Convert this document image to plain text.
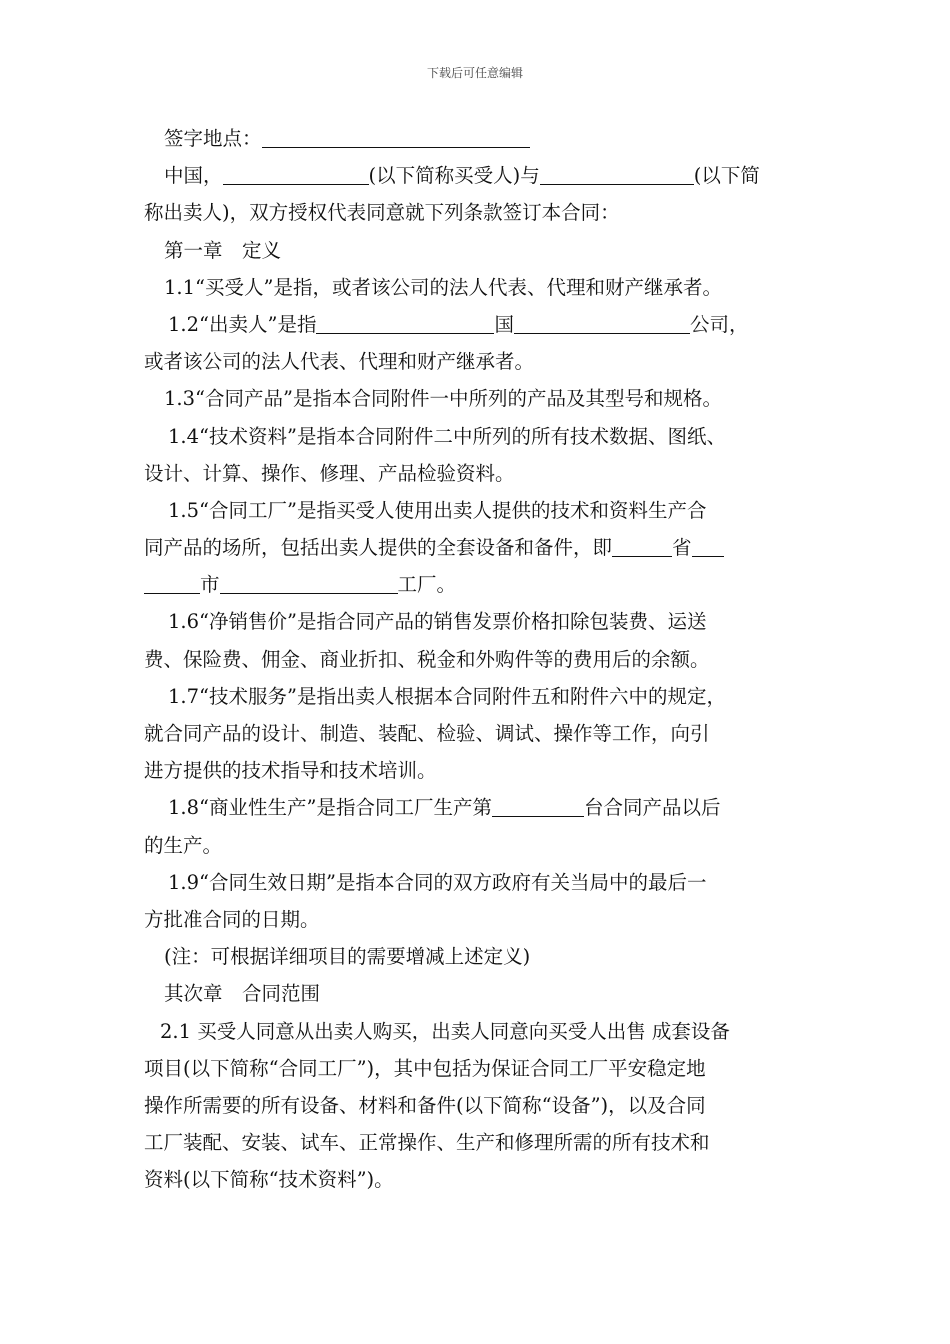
下载后可任意编辑
签字地点：
中国，	(以下简称买受人)与	(以下简
称出卖人)，双方授权代表同意就下列条款签订本合同：
第一章　定义
1.1“买受人”是指，或者该公司的法人代表、代理和财产继承者。
1.2“出卖人”是指	国	公司，
或者该公司的法人代表、代理和财产继承者。
1.3“合同产品”是指本合同附件一中所列的产品及其型号和规格。
1.4“技术资料”是指本合同附件二中所列的所有技术数据、图纸、
设计、计算、操作、修理、产品检验资料。
1.5“合同工厂”是指买受人使用出卖人提供的技术和资料生产合
同产品的场所，包括出卖人提供的全套设备和备件，即	省
市	工厂。
1.6“净销售价”是指合同产品的销售发票价格扣除包装费、运送
费、保险费、佣金、商业折扣、税金和外购件等的费用后的余额。
1.7“技术服务”是指出卖人根据本合同附件五和附件六中的规定，
就合同产品的设计、制造、装配、检验、调试、操作等工作，向引
进方提供的技术指导和技术培训。
1.8“商业性生产”是指合同工厂生产第	台合同产品以后
的生产。
1.9“合同生效日期”是指本合同的双方政府有关当局中的最后一
方批准合同的日期。
(注：可根据详细项目的需要增减上述定义)
其次章　合同范围
2.1 买受人同意从出卖人购买，出卖人同意向买受人出售 成套设备
项目(以下简称“合同工厂”)，其中包括为保证合同工厂平安稳定地
操作所需要的所有设备、材料和备件(以下简称“设备”)，以及合同
工厂装配、安装、试车、正常操作、生产和修理所需的所有技术和
资料(以下简称“技术资料”)。
